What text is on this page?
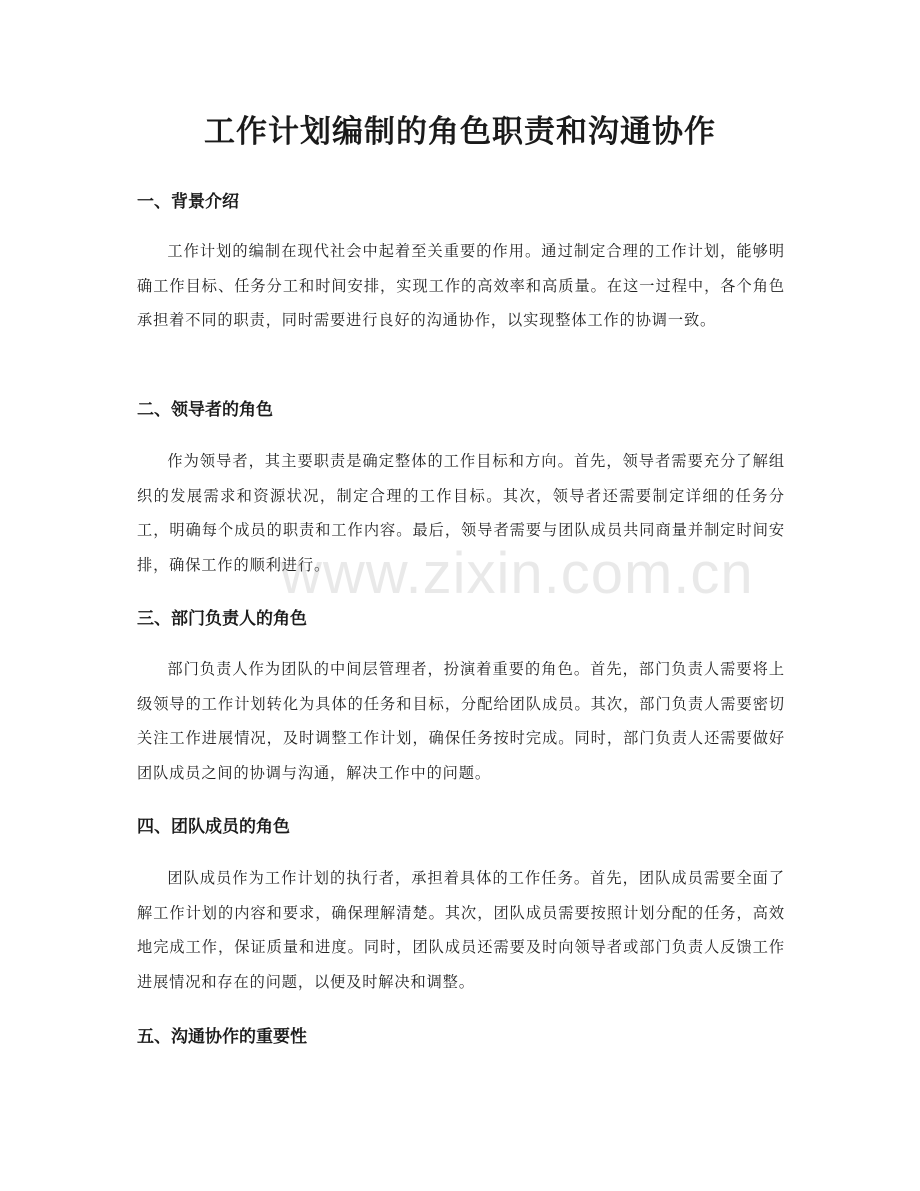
工作计划编制的角色职责和沟通协作
一、背景介绍

工作计划的编制在现代社会中起着至关重要的作用。通过制定合理的工作计划，能够明确工作目标、任务分工和时间安排，实现工作的高效率和高质量。在这一过程中，各个角色承担着不同的职责，同时需要进行良好的沟通协作，以实现整体工作的协调一致。

二、领导者的角色

作为领导者，其主要职责是确定整体的工作目标和方向。首先，领导者需要充分了解组织的发展需求和资源状况，制定合理的工作目标。其次，领导者还需要制定详细的任务分工，明确每个成员的职责和工作内容。最后，领导者需要与团队成员共同商量并制定时间安排，确保工作的顺利进行。

三、部门负责人的角色

部门负责人作为团队的中间层管理者，扮演着重要的角色。首先，部门负责人需要将上级领导的工作计划转化为具体的任务和目标，分配给团队成员。其次，部门负责人需要密切关注工作进展情况，及时调整工作计划，确保任务按时完成。同时，部门负责人还需要做好团队成员之间的协调与沟通，解决工作中的问题。

四、团队成员的角色

团队成员作为工作计划的执行者，承担着具体的工作任务。首先，团队成员需要全面了解工作计划的内容和要求，确保理解清楚。其次，团队成员需要按照计划分配的任务，高效地完成工作，保证质量和进度。同时，团队成员还需要及时向领导者或部门负责人反馈工作进展情况和存在的问题，以便及时解决和调整。

五、沟通协作的重要性
www.zixin.com.cn
